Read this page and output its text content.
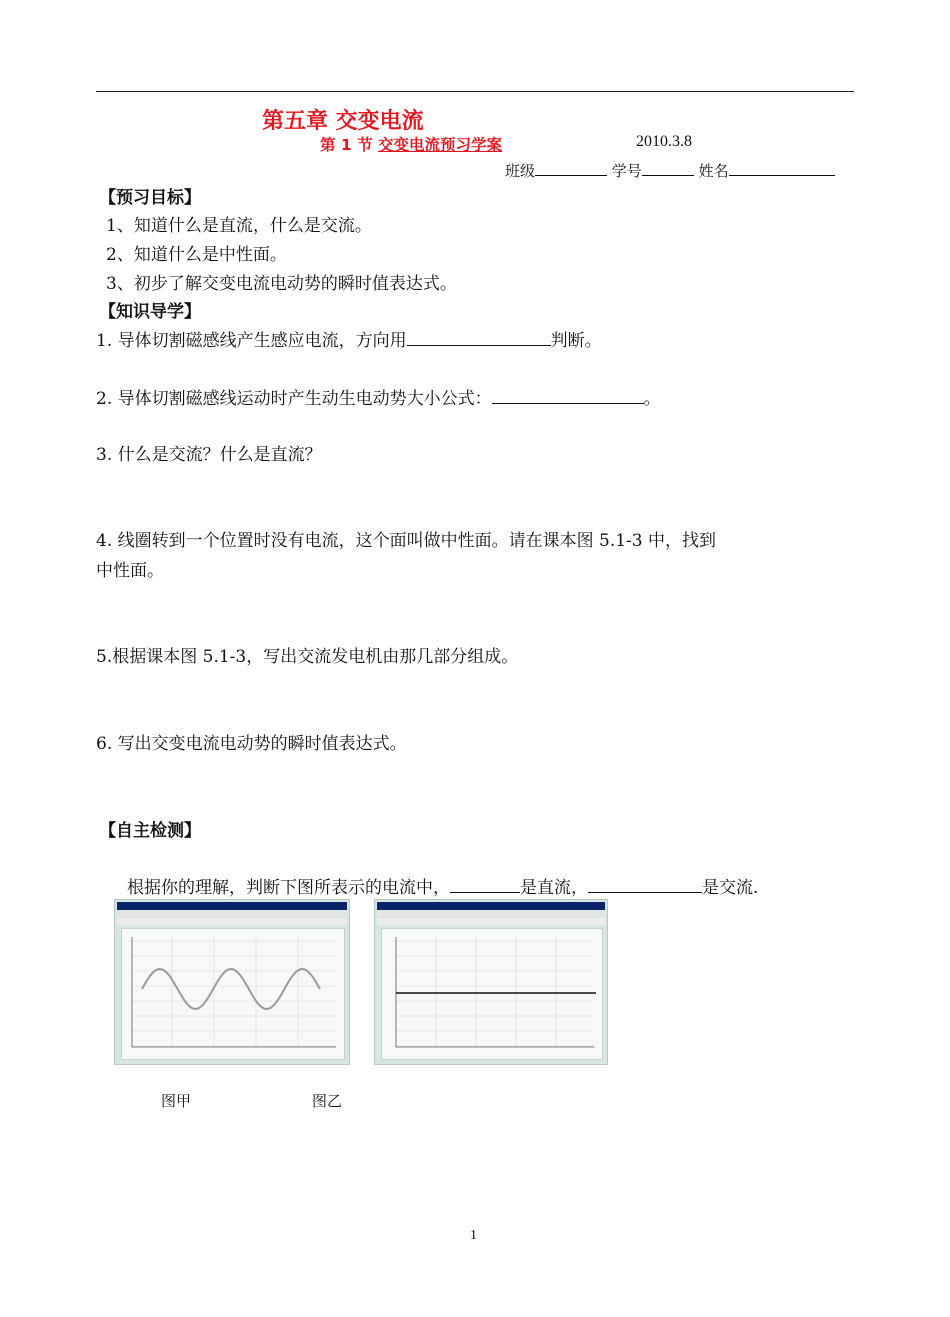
第五章 交变电流
第 1 节 交变电流预习学案	2010.3.8
班级	学号	姓名
【预习目标】
1、知道什么是直流，什么是交流。
2、知道什么是中性面。
3、初步了解交变电流电动势的瞬时值表达式。
【知识导学】
1. 导体切割磁感线产生感应电流，方向用	判断。
2. 导体切割磁感线运动时产生动生电动势大小公式：	。
3. 什么是交流？什么是直流？
4. 线圈转到一个位置时没有电流，这个面叫做中性面。请在课本图 5.1-3 中，找到
中性面。
5.根据课本图 5.1-3，写出交流发电机由那几部分组成。
6. 写出交变电流电动势的瞬时值表达式。
【自主检测】
根据你的理解，判断下图所表示的电流中，	是直流，	是交流.
图甲	图乙
1
